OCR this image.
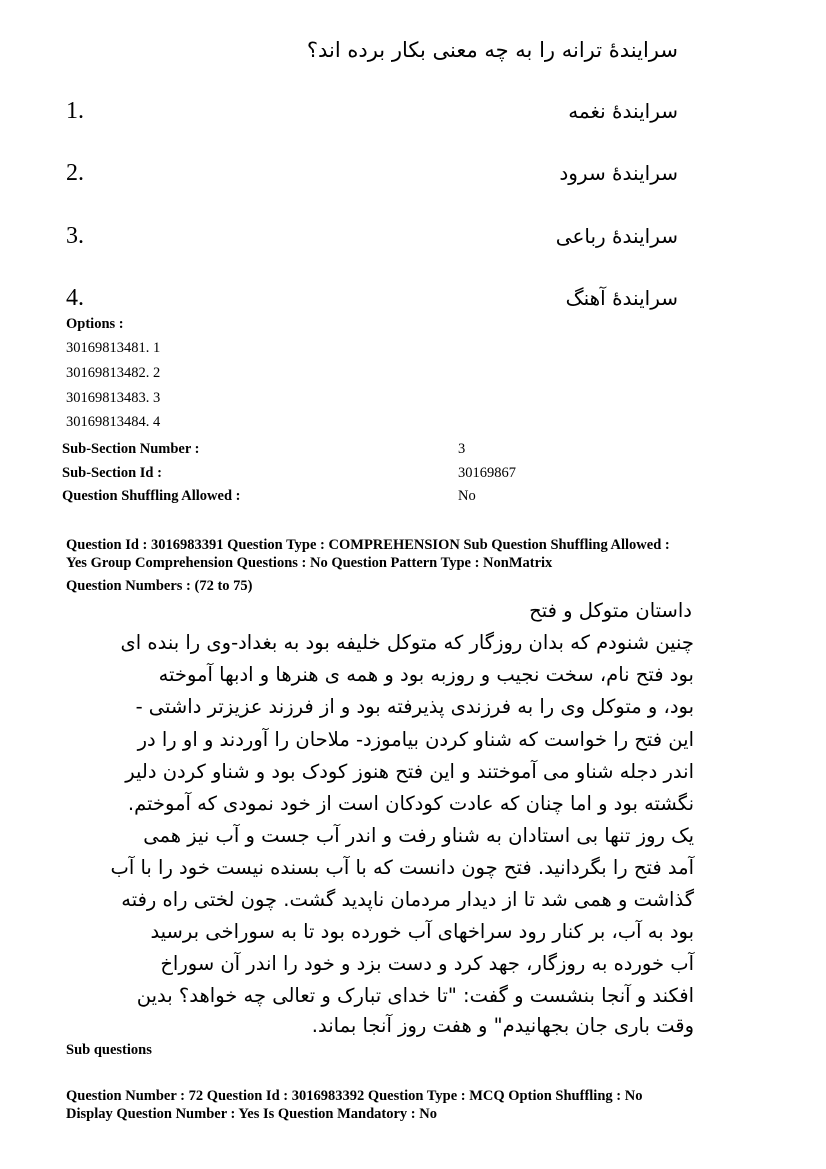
سرایندهٔ ترانه را به چه معنی بکار برده اند؟
1.	سرایندهٔ نغمه
2.	سرایندهٔ سرود
3.	سرایندهٔ رباعی
4.	سرایندهٔ آهنگ
Options :
30169813481. 1
30169813482. 2
30169813483. 3
30169813484. 4
Sub-Section Number :	3
Sub-Section Id :	30169867
Question Shuffling Allowed :	No
Question Id : 3016983391 Question Type : COMPREHENSION Sub Question Shuffling Allowed :
Yes Group Comprehension Questions : No Question Pattern Type : NonMatrix
Question Numbers : (72 to 75)
داستان متوکل و فتح
چنین شنودم که بدان روزگار که متوکل خلیفه بود به بغداد-وی را بنده ای
بود فتح نام، سخت نجیب و روزبه بود و همه ی هنرها و ادبها آموخته
بود، و متوکل وی را به فرزندی پذیرفته بود و از فرزند عزیزتر داشتی -
این فتح را خواست که شناو کردن بیاموزد- ملاحان را آوردند و او را در
اندر دجله شناو می آموختند و این فتح هنوز کودک بود و شناو کردن دلیر
نگشته بود و اما چنان که عادت کودکان است از خود نمودی که آموختم.
یک روز تنها بی استادان به شناو رفت و اندر آب جست و آب نیز همی
آمد فتح را بگردانید. فتح چون دانست که با آب بسنده نیست خود را با آب
گذاشت و همی شد تا از دیدار مردمان ناپدید گشت. چون لختی راه رفته
بود به آب، بر کنار رود سراخهای آب خورده بود تا به سوراخی برسید
آب خورده به روزگار، جهد کرد و دست بزد و خود را اندر آن سوراخ
افکند و آنجا بنشست و گفت: "تا خدای تبارک و تعالی چه خواهد؟ بدین
وقت باری جان بجهانیدم" و هفت روز آنجا بماند.
Sub questions
Question Number : 72 Question Id : 3016983392 Question Type : MCQ Option Shuffling : No
Display Question Number : Yes Is Question Mandatory : No
